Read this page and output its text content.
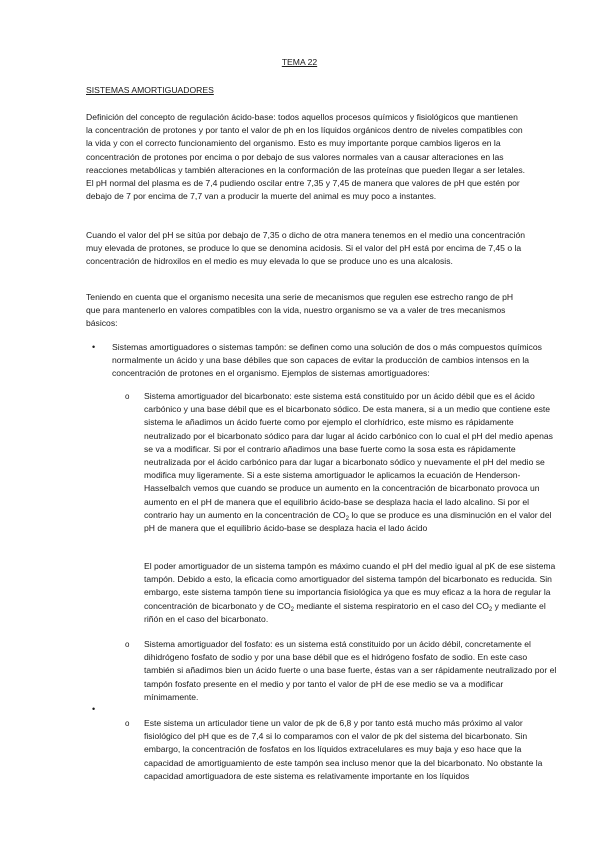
TEMA 22
SISTEMAS AMORTIGUADORES

Definición del concepto de regulación ácido-base: todos aquellos procesos químicos y fisiológicos que mantienen la concentración de protones y por tanto el valor de ph en los líquidos orgánicos dentro de niveles compatibles con la vida y con el correcto funcionamiento del organismo. Esto es muy importante porque cambios ligeros en la concentración de protones por encima o por debajo de sus valores normales van a causar alteraciones en las reacciones metabólicas y también alteraciones en la conformación de las proteínas que pueden llegar a ser letales. El pH normal del plasma es de 7,4 pudiendo oscilar entre 7,35 y 7,45 de manera que valores de pH que estén por debajo de 7 por encima de 7,7 van a producir la muerte del animal es muy poco a instantes.

Cuando el valor del pH se sitúa por debajo de 7,35 o dicho de otra manera tenemos en el medio una concentración muy elevada de protones, se produce lo que se denomina acidosis. Si el valor del pH está por encima de 7,45 o la concentración de hidroxilos en el medio es muy elevada lo que se produce uno es una alcalosis.

Teniendo en cuenta que el organismo necesita una serie de mecanismos que regulen ese estrecho rango de pH que para mantenerlo en valores compatibles con la vida, nuestro organismo se va a valer de tres mecanismos básicos:

• Sistemas amortiguadores o sistemas tampón: se definen como una solución de dos o más compuestos químicos normalmente un ácido y una base débiles que son capaces de evitar la producción de cambios intensos en la concentración de protones en el organismo. Ejemplos de sistemas amortiguadores:

o Sistema amortiguador del bicarbonato: este sistema está constituido por un ácido débil que es el ácido carbónico y una base débil que es el bicarbonato sódico. De esta manera, si a un medio que contiene este sistema le añadimos un ácido fuerte como por ejemplo el clorhídrico, este mismo es rápidamente neutralizado por el bicarbonato sódico para dar lugar al ácido carbónico con lo cual el pH del medio apenas se va a modificar. Si por el contrario añadimos una base fuerte como la sosa esta es rápidamente neutralizada por el ácido carbónico para dar lugar a bicarbonato sódico y nuevamente el pH del medio se modifica muy ligeramente. Si a este sistema amortiguador le aplicamos la ecuación de Henderson- Hasselbalch vemos que cuando se produce un aumento en la concentración de bicarbonato provoca un aumento en el pH de manera que el equilibrio ácido-base se desplaza hacia el lado alcalino. Si por el contrario hay un aumento en la concentración de $CO_2$ lo que se produce es una disminución en el valor del pH de manera que el equilibrio ácido-base se desplaza hacia el lado ácido

El poder amortiguador de un sistema tampón es máximo cuando el pH del medio igual al pK de ese sistema tampón. Debido a esto, la eficacia como amortiguador del sistema tampón del bicarbonato es reducida. Sin embargo, este sistema tampón tiene su importancia fisiológica ya que es muy eficaz a la hora de regular la concentración de bicarbonato y de $CO_2$ mediante el sistema respiratorio en el caso del $CO_2$ y mediante el riñón en el caso del bicarbonato.

o Sistema amortiguador del fosfato: es un sistema está constituido por un ácido débil, concretamente el dihidrógeno fosfato de sodio y por una base débil que es el hidrógeno fosfato de sodio. En este caso también si añadimos bien un ácido fuerte o una base fuerte, éstas van a ser rápidamente neutralizado por el tampón fosfato presente en el medio y por tanto el valor de pH de ese medio se va a modificar mínimamente.

•
o Este sistema un articulador tiene un valor de pk de 6,8 y por tanto está mucho más próximo al valor fisiológico del pH que es de 7,4 si lo comparamos con el valor de pk del sistema del bicarbonato. Sin embargo, la concentración de fosfatos en los líquidos extracelulares es muy baja y eso hace que la capacidad de amortiguamiento de este tampón sea incluso menor que la del bicarbonato. No obstante la capacidad amortiguadora de este sistema es relativamente importante en los líquidos
